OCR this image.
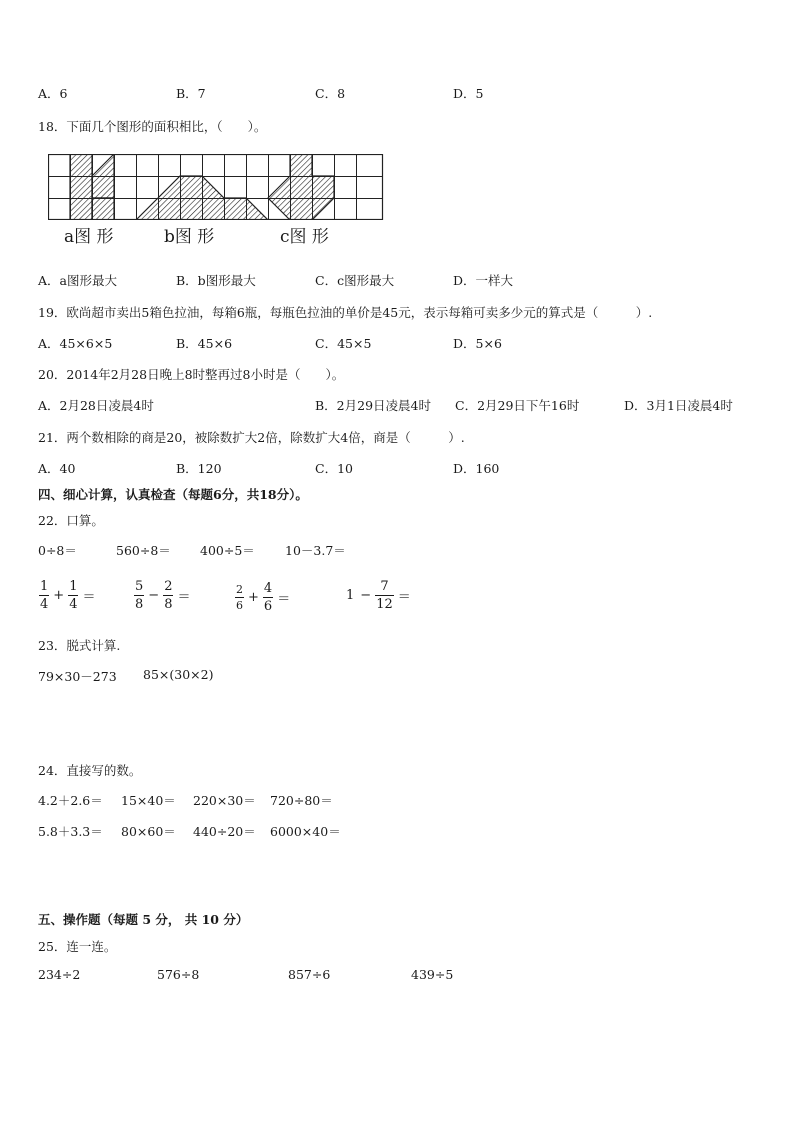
A．6	B．7	C．8	D．5
18．下面几个图形的面积相比，（　　）。
a图 形	b图 形	c图 形
A．a图形最大	B．b图形最大	C．c图形最大	D．一样大
19．欧尚超市卖出5箱色拉油，每箱6瓶，每瓶色拉油的单价是45元，表示每箱可卖多少元的算式是（　　　）.
A．45×6×5	B．45×6	C．45×5	D．5×6
20．2014年2月28日晚上8时整再过8小时是（　　）。
A．2月28日凌晨4时	B．2月29日凌晨4时 C．2月29日下午16时	D．3月1日凌晨4时
21．两个数相除的商是20，被除数扩大2倍，除数扩大4倍，商是（　　　）.
A．40	B．120	C．10	D．160
四、细心计算，认真检查（每题6分，共18分）。
22．口算。
0÷8＝	560÷8＝ 400÷5＝ 10－3.7＝
1
4
+ $\frac{1}{4}$ ＝
5
8
− $\frac{2}{8}$ ＝
2
6
+ $\frac{4}{6}$ ＝	$1 - \frac{7}{12}$ ＝
23．脱式计算.
79×30－273 85×(30×2)
24．直接写的数。
4.2＋2.6＝ 15×40＝ 220×30＝ 720÷80＝
5.8＋3.3＝ 80×60＝ 440÷20＝ 6000×40＝
五、操作题（每题 5 分， 共 10 分）
25．连一连。
234÷2	576÷8	857÷6	439÷5
